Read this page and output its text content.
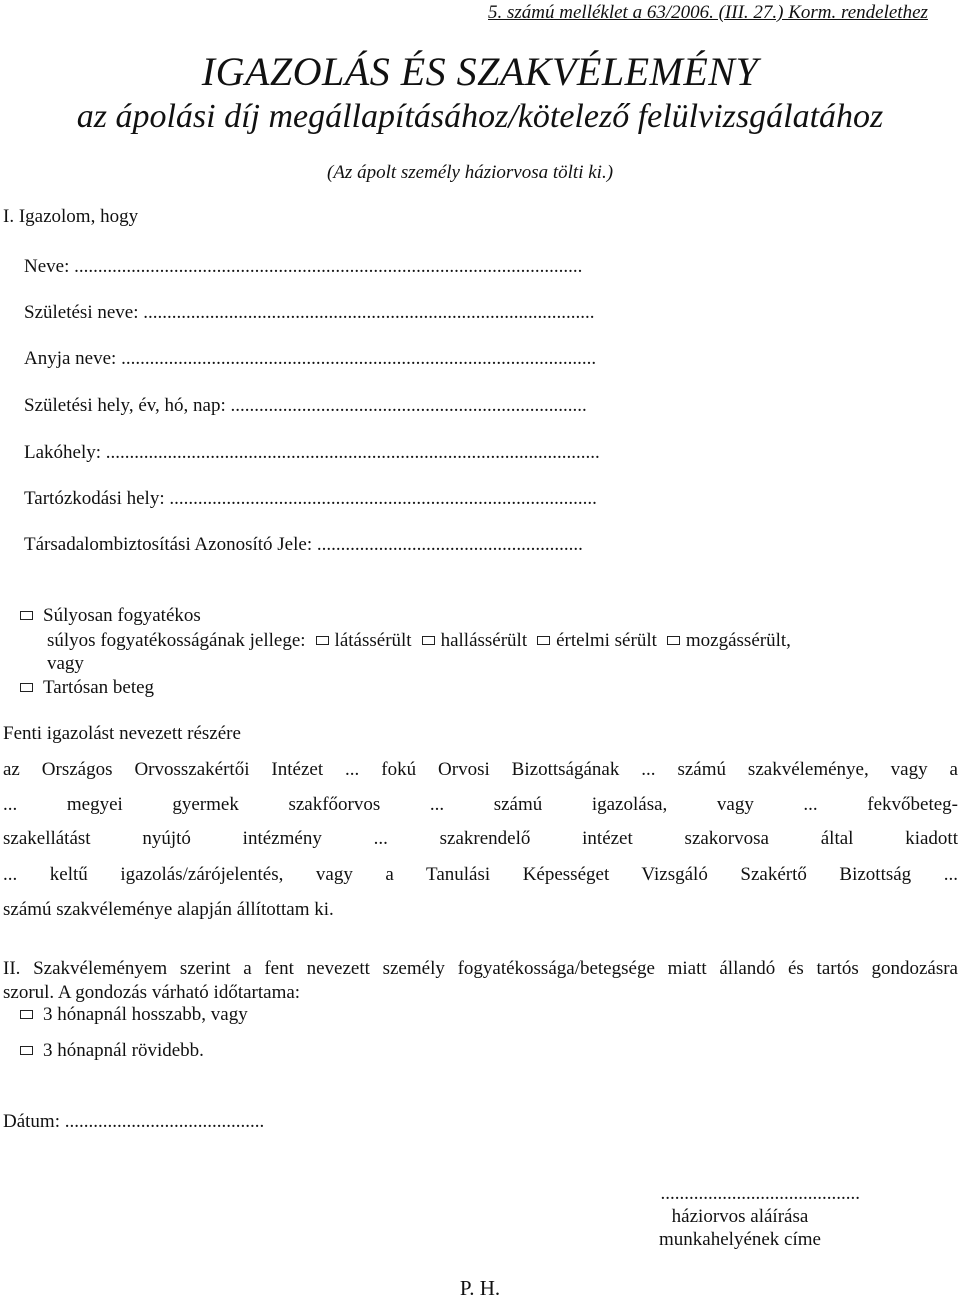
5. számú melléklet a 63/2006. (III. 27.) Korm. rendelethez
IGAZOLÁS ÉS SZAKVÉLEMÉNY
az ápolási díj megállapításához/kötelező felülvizsgálatához
(Az ápolt személy háziorvosa tölti ki.)
I. Igazolom, hogy
Neve: ...........................................................................................................
Születési neve: ...............................................................................................
Anyja neve: ....................................................................................................
Születési hely, év, hó, nap: ...........................................................................
Lakóhely: ........................................................................................................
Tartózkodási hely: ..........................................................................................
Társadalombiztosítási Azonosító Jele: ........................................................
Súlyosan fogyatékos
súlyos fogyatékosságának jellege: látássérült hallássérült értelmi sérült mozgássérült,
vagy
Tartósan beteg
Fenti igazolást nevezett részére
az Országos Orvosszakértői Intézet ... fokú Orvosi Bizottságának ... számú szakvéleménye, vagy a
... megyei gyermek szakfőorvos ... számú igazolása, vagy ... fekvőbeteg-
szakellátást nyújtó intézmény ... szakrendelő intézet szakorvosa által kiadott
... keltű igazolás/zárójelentés, vagy a Tanulási Képességet Vizsgáló Szakértő Bizottság ...
számú szakvéleménye alapján állítottam ki.
II. Szakvéleményem szerint a fent nevezett személy fogyatékossága/betegsége miatt állandó és tartós gondozásra
szorul. A gondozás várható időtartama:
3 hónapnál hosszabb, vagy
3 hónapnál rövidebb.
Dátum: ..........................................
..........................................
háziorvos aláírása
munkahelyének címe
P. H.
